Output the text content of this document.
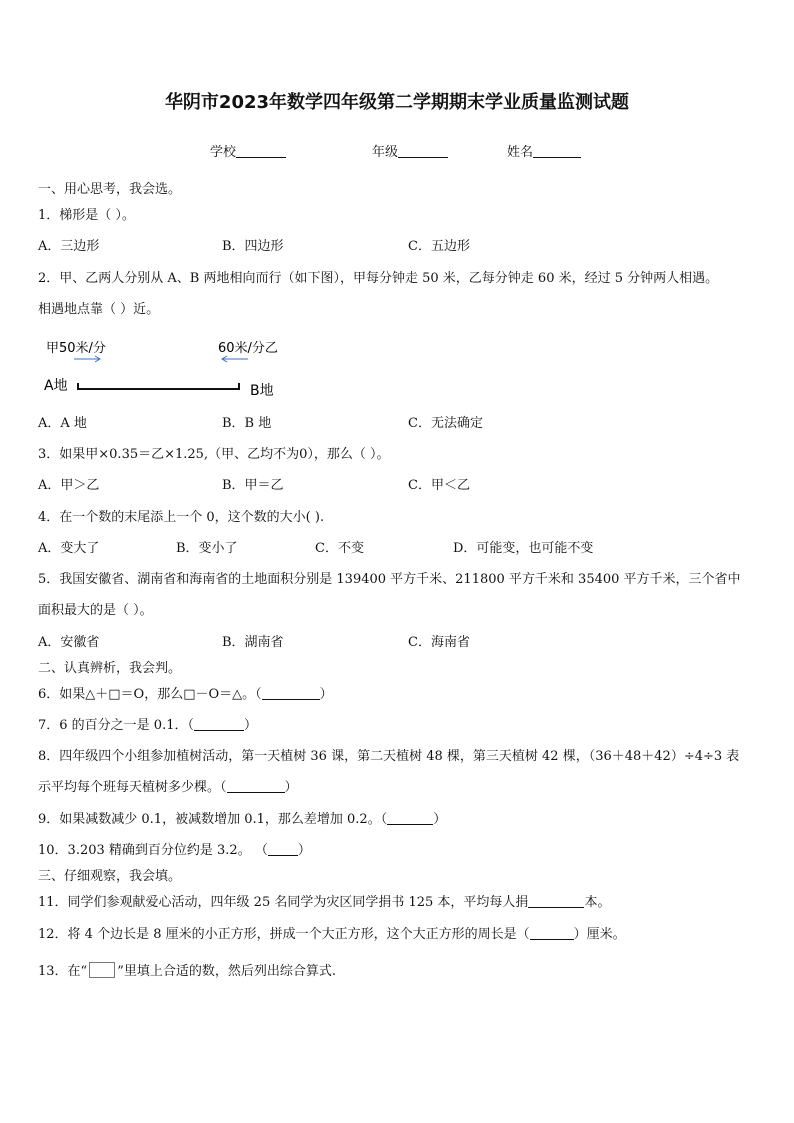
华阴市2023年数学四年级第二学期期末学业质量监测试题
学校	年级	姓名
一、用心思考，我会选。
1．梯形是（ ）。
A．三边形	B．四边形	C．五边形
2．甲、乙两人分别从 A、B 两地相向而行（如下图），甲每分钟走 50 米，乙每分钟走 60 米，经过 5 分钟两人相遇。
相遇地点靠（ ）近。
甲50米/分	60米/分乙
A地	B地
A．A 地	B．B 地	C．无法确定
3．如果甲×0.35＝乙×1.25,（甲、乙均不为0），那么（ ）。
A．甲＞乙	B．甲＝乙	C．甲＜乙
4．在一个数的末尾添上一个 0，这个数的大小( ).
A．变大了	B．变小了	C．不变	D．可能变，也可能不变
5．我国安徽省、湖南省和海南省的土地面积分别是 139400 平方千米、211800 平方千米和 35400 平方千米，三个省中
面积最大的是（ ）。
A．安徽省	B．湖南省	C．海南省
二、认真辨析，我会判。
6．如果△＋□＝O，那么□－O＝△。（	）
7．6 的百分之一是 0.1．（	）
8．四年级四个小组参加植树活动，第一天植树 36 课，第二天植树 48 棵，第三天植树 42 棵，（36＋48＋42）÷4÷3 表
示平均每个班每天植树多少棵。（	）
9．如果减数减少 0.1，被减数增加 0.1，那么差增加 0.2。（	）
10．3.203 精确到百分位约是 3.2。 （ ）
三、仔细观察，我会填。
11．同学们参观献爱心活动，四年级 25 名同学为灾区同学捐书 125 本，平均每人捐	本。
12．将 4 个边长是 8 厘米的小正方形，拼成一个大正方形，这个大正方形的周长是（	）厘米。
13．在“ ”里填上合适的数，然后列出综合算式.
